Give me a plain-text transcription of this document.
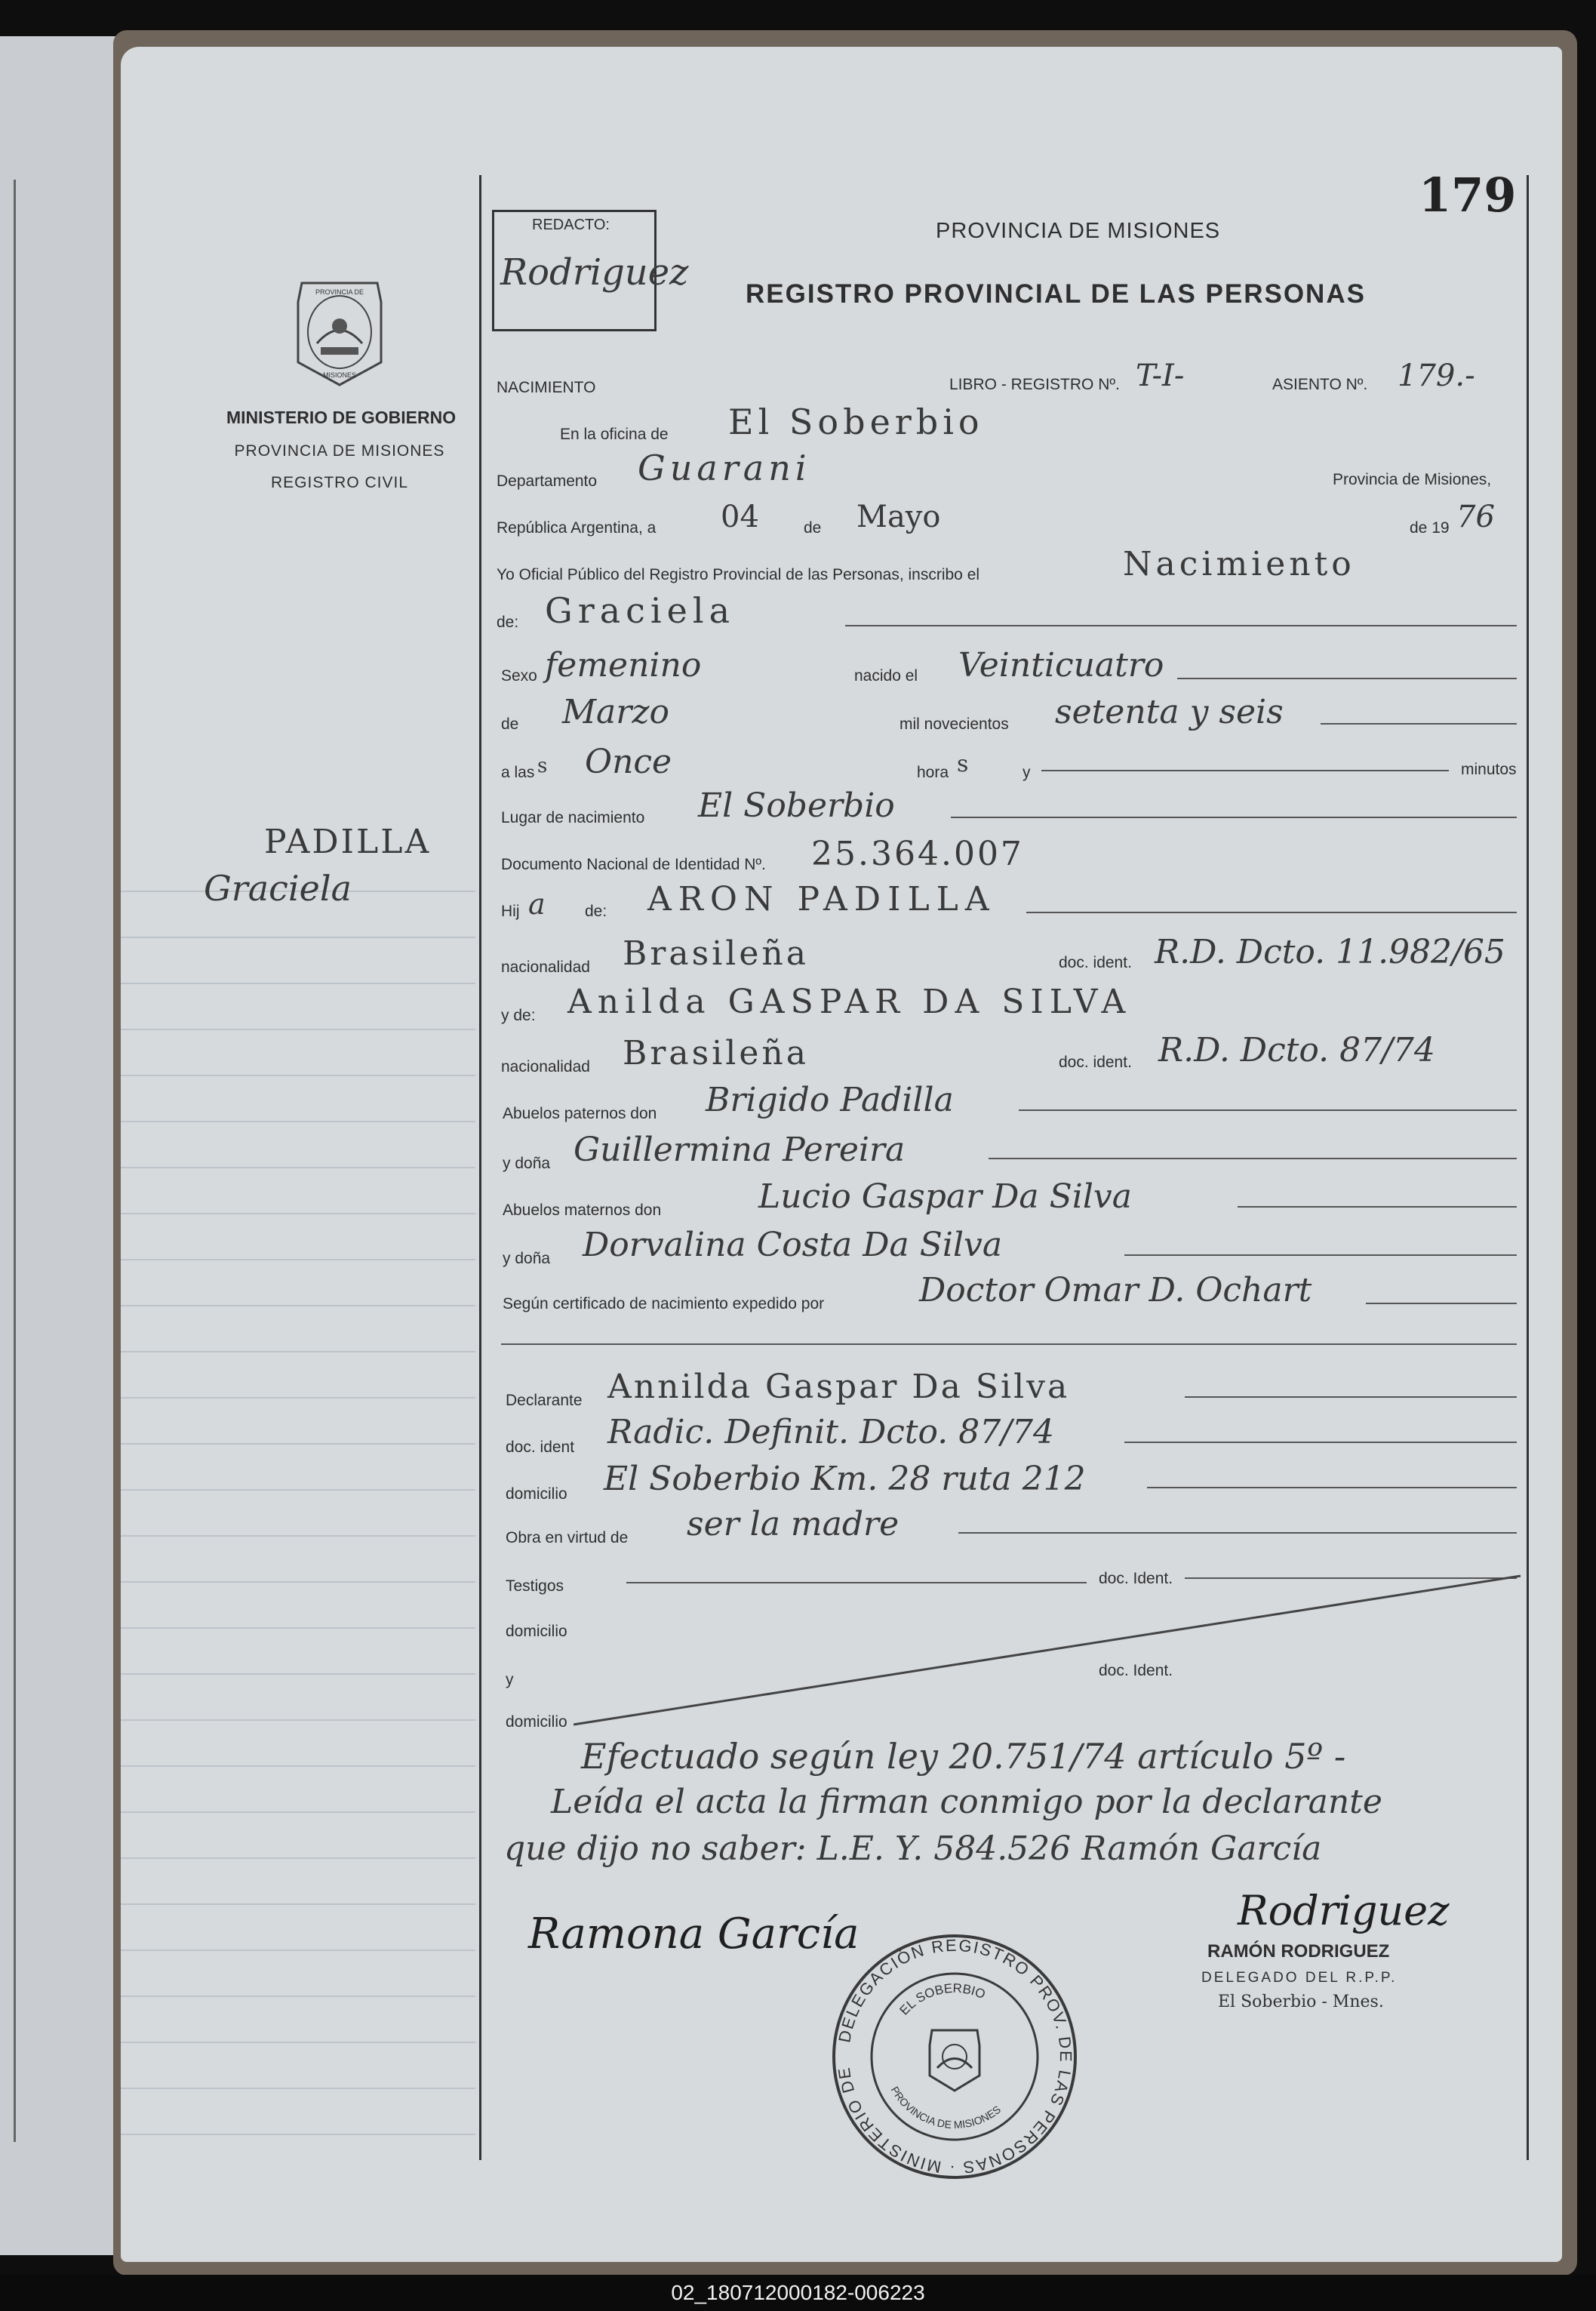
179
REDACTO:
Rodriguez
PROVINCIA DE MISIONES
REGISTRO PROVINCIAL DE LAS PERSONAS
PROVINCIA DE
MISIONES
MINISTERIO DE GOBIERNO
PROVINCIA DE MISIONES
REGISTRO CIVIL
PADILLA
Graciela
NACIMIENTO	LIBRO - REGISTRO Nº. T-I-	ASIENTO Nº. 179.-
En la oficina de El Soberbio
Departamento Guarani	Provincia de Misiones,
República Argentina, a 04	de Mayo	de 19 76
Yo Oficial Público del Registro Provincial de las Personas, inscribo el	Nacimiento
de: Graciela
Sexo femenino	nacido el Veinticuatro
de Marzo	mil novecientos setenta y seis
a las s Once	hora s	y	minutos
Lugar de nacimiento El Soberbio
Documento Nacional de Identidad Nº. 25.364.007
Hij a de: ARON PADILLA
nacionalidad Brasileña	doc. ident. R.D. Dcto. 11.982/65
y de: Anilda GASPAR DA SILVA
nacionalidad Brasileña	doc. ident. R.D. Dcto. 87/74
Abuelos paternos don Brigido Padilla
y doña Guillermina Pereira
Abuelos maternos don	Lucio Gaspar Da Silva
y doña Dorvalina Costa Da Silva
Según certificado de nacimiento expedido por	Doctor Omar D. Ochart
Declarante Annilda Gaspar Da Silva
doc. ident Radic. Definit. Dcto. 87/74
domicilio El Soberbio Km. 28 ruta 212
Obra en virtud de ser la madre
Testigos	doc. Ident.
domicilio
y
doc. Ident.
domicilio
Efectuado según ley 20.751/74 artículo 5º -
Leída el acta la firman conmigo por la declarante
que dijo no saber: L.E. Y. 584.526 Ramón García
Ramona García	Rodriguez
RAMÓN RODRIGUEZ
DELEGADO DEL R.P.P.
El Soberbio - Mnes.
DELEGACIÓN REGISTRO PROV. DE LAS PERSONAS · MINISTERIO DE
EL SOBERBIO
PROVINCIA DE MISIONES
02_180712000182-006223
